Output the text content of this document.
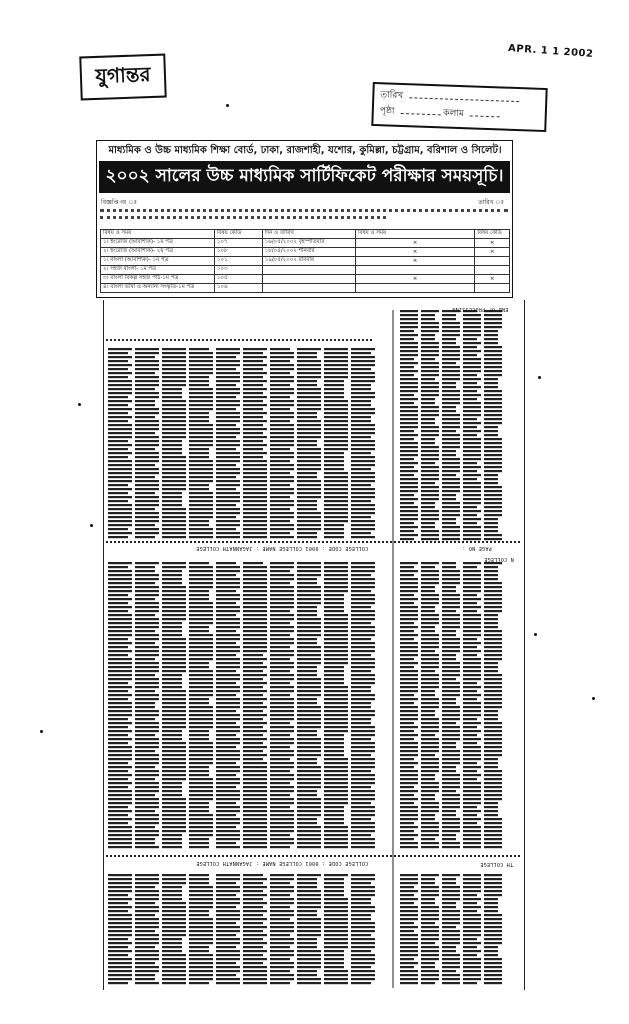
APR. 1 1 2002
যুগান্তর
তারিখ
পৃষ্ঠা	কলাম
মাধ্যমিক ও উচ্চ মাধ্যমিক শিক্ষা বোর্ড, ঢাকা, রাজশাহী, যশোর, কুমিল্লা, চট্টগ্রাম, বরিশাল ও সিলেট।
২০০২ সালের উচ্চ মাধ্যমিক সার্টিফিকেট পরীক্ষার সময়সূচি।
বিজ্ঞপ্তি নং ঃ	তারিখ ঃ
বিষয় ও সময়	বিষয় কোড	দিন ও তারিখ	বিষয় ও সময়	বিষয় কোড
১। ইংরেজি (আবশ্যিক)- ১ম পত্র	১০৭	১৬/০৫/২০০২ বৃহস্পতিবার	×	×
২। ইংরেজি (আবশ্যিক)- ২য় পত্র	১০৮	১৮/০৫/২০০২ শনিবার	×	×
১। বাংলা (আবশ্যিক)- ১ম পত্র	১০১	১৯/০৫/২০০২ রবিবার	×	
২। সহজ বাংলা- ১ম পত্র	১০৩			
৩। বাংলা বিকল্প সহজ পাঠ-১ম পত্র	১০৫		×	×
৪। বাংলা ভাষা ও অন্যান্য সংস্কৃতি-১ম পত্র	১০৬			
END OF PROCESSING
COLLEGE CODE : 0001 COLLEGE NAME : JAGANNATH COLLEGE
COLLEGE CODE : 0001 COLLEGE NAME : JAGANNATH COLLEGE
PAGE NO :
N COLLEGE
TH COLLEGE
